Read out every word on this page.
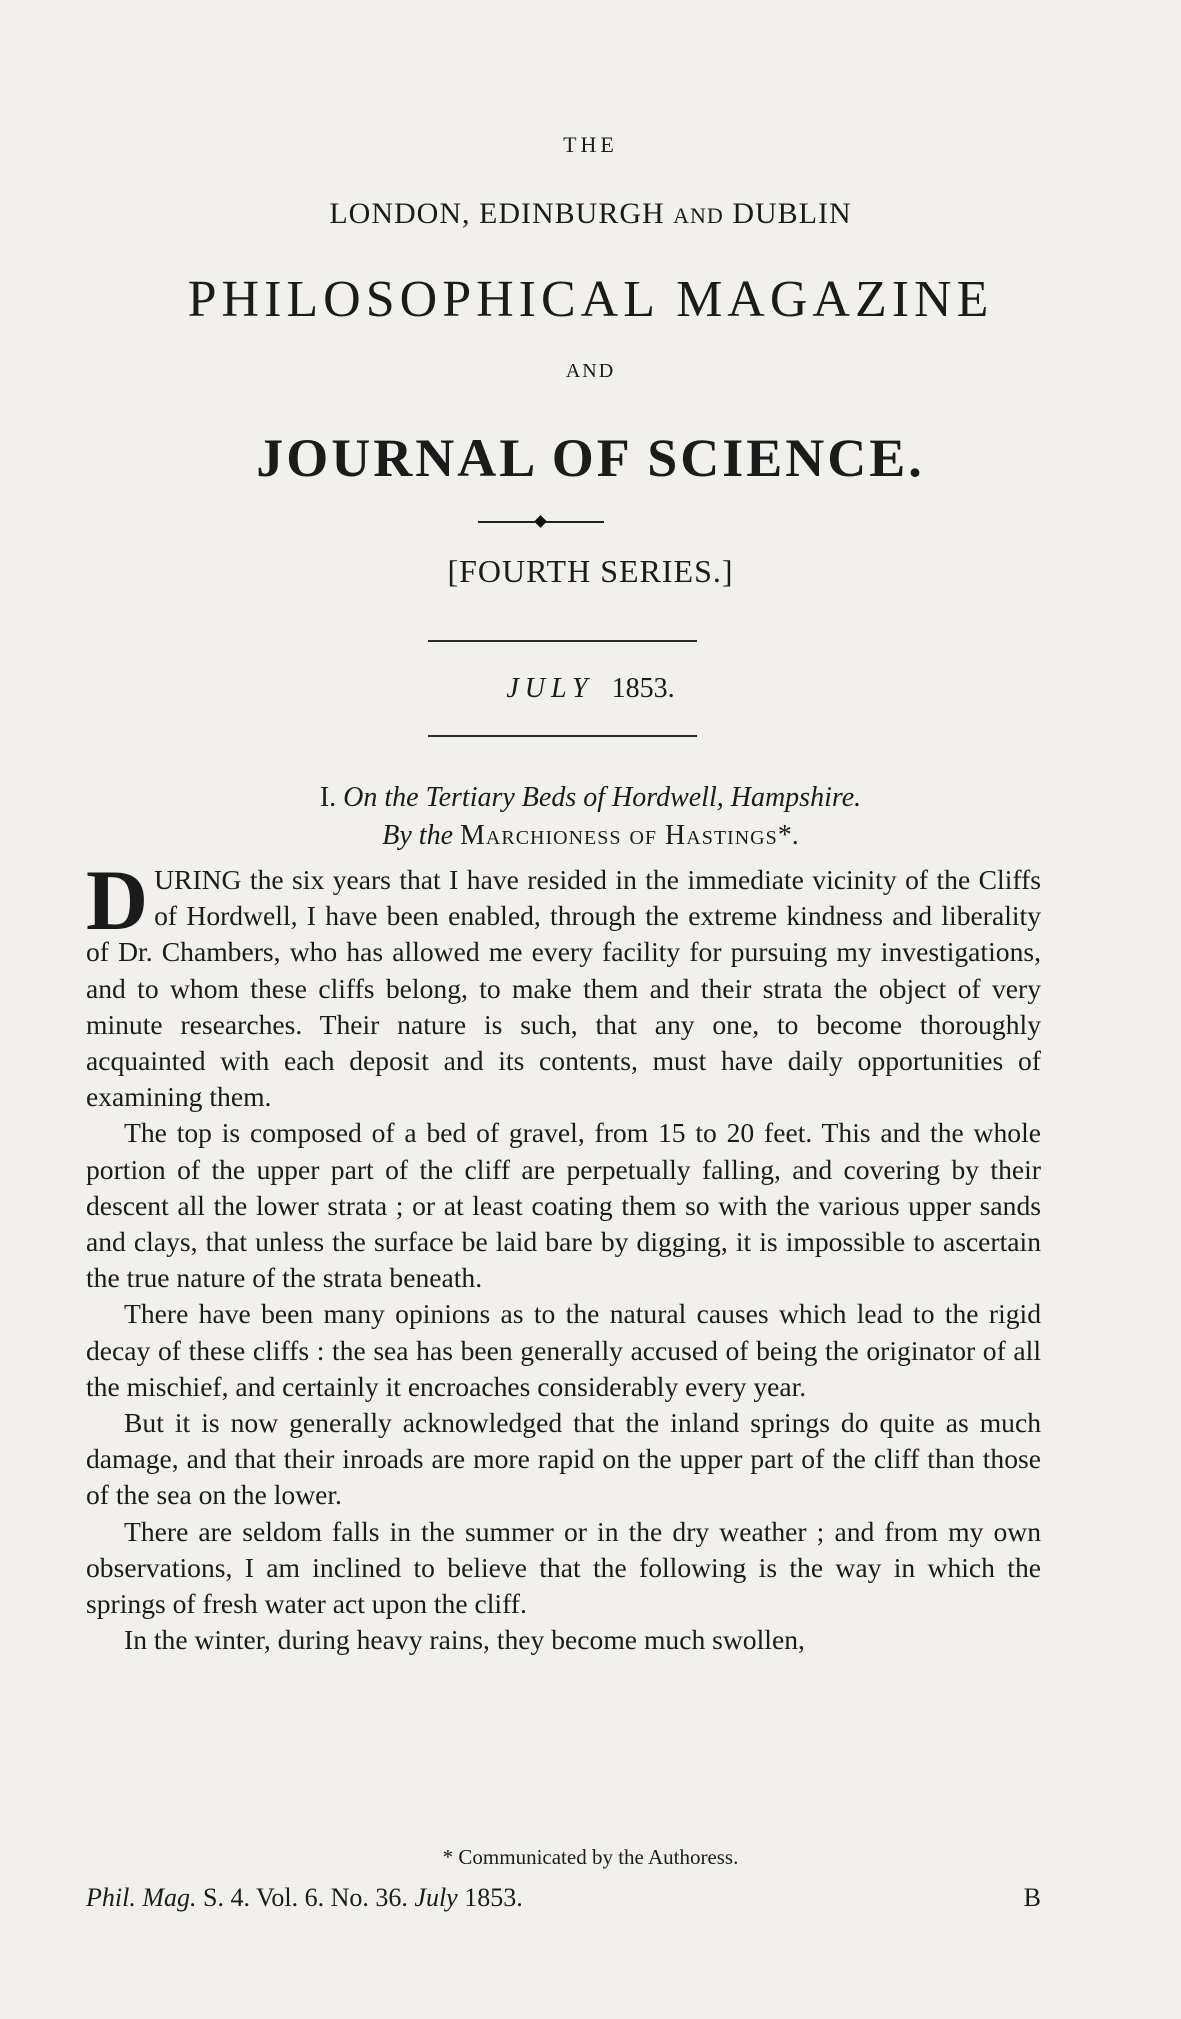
THE
LONDON, EDINBURGH AND DUBLIN
PHILOSOPHICAL MAGAZINE
AND
JOURNAL OF SCIENCE.
[FOURTH SERIES.]
JULY 1853.
I. On the Tertiary Beds of Hordwell, Hampshire.
By the Marchioness of Hastings*.

DURING the six years that I have resided in the immediate vicinity of the Cliffs of Hordwell, I have been enabled, through the extreme kindness and liberality of Dr. Chambers, who has allowed me every facility for pursuing my investigations, and to whom these cliffs belong, to make them and their strata the object of very minute researches. Their nature is such, that any one, to become thoroughly acquainted with each deposit and its contents, must have daily opportunities of examining them.

The top is composed of a bed of gravel, from 15 to 20 feet. This and the whole portion of the upper part of the cliff are perpetually falling, and covering by their descent all the lower strata ; or at least coating them so with the various upper sands and clays, that unless the surface be laid bare by digging, it is impossible to ascertain the true nature of the strata beneath.

There have been many opinions as to the natural causes which lead to the rigid decay of these cliffs : the sea has been generally accused of being the originator of all the mischief, and certainly it encroaches considerably every year.

But it is now generally acknowledged that the inland springs do quite as much damage, and that their inroads are more rapid on the upper part of the cliff than those of the sea on the lower.

There are seldom falls in the summer or in the dry weather ; and from my own observations, I am inclined to believe that the following is the way in which the springs of fresh water act upon the cliff.

In the winter, during heavy rains, they become much swollen,

* Communicated by the Authoress.
Phil. Mag. S. 4. Vol. 6. No. 36. July 1853.	B
